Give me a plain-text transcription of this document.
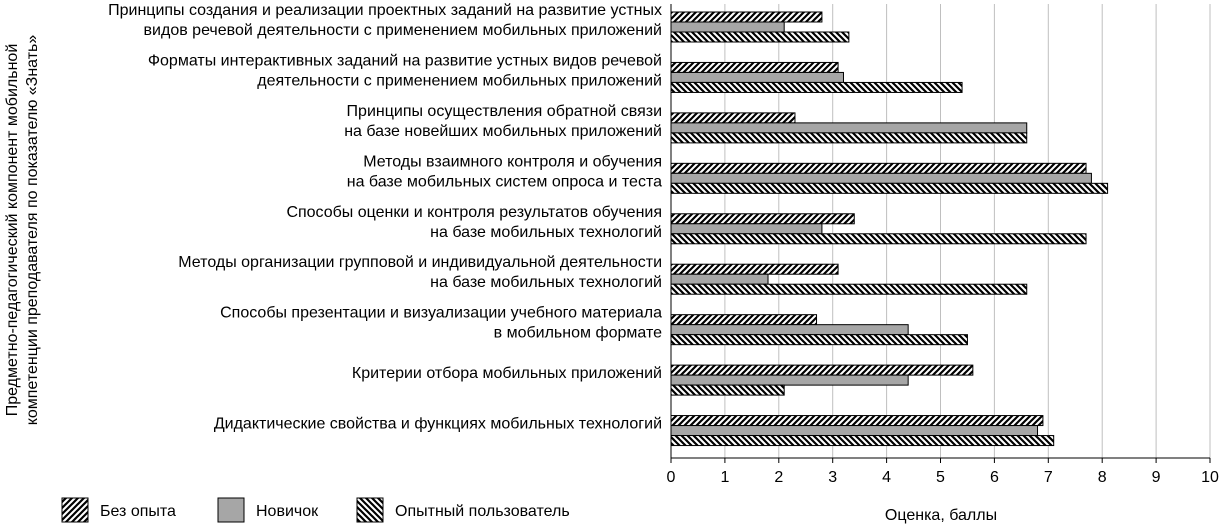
Предметно-педагогический компонент мобильной компетенции преподавателя по показателю «Знать»
Принципы создания и реализации проектных заданий на развитие устных
видов речевой деятельности с применением мобильных приложений
Форматы интерактивных заданий на развитие устных видов речевой
деятельности с применением мобильных приложений
Принципы осуществления обратной связи
на базе новейших мобильных приложений
Методы взаимного контроля и обучения
на базе мобильных систем опроса и теста
Способы оценки и контроля результатов обучения
на базе мобильных технологий
Методы организации групповой и индивидуальной деятельности
на базе мобильных технологий
Способы презентации и визуализации учебного материала
в мобильном формате
Критерии отбора мобильных приложений
Дидактические свойства и функциях мобильных технологий
0	1	2	3	4	5	6	7	8	9	10
Оценка, баллы
Без опыта	Новичок	Опытный пользователь
